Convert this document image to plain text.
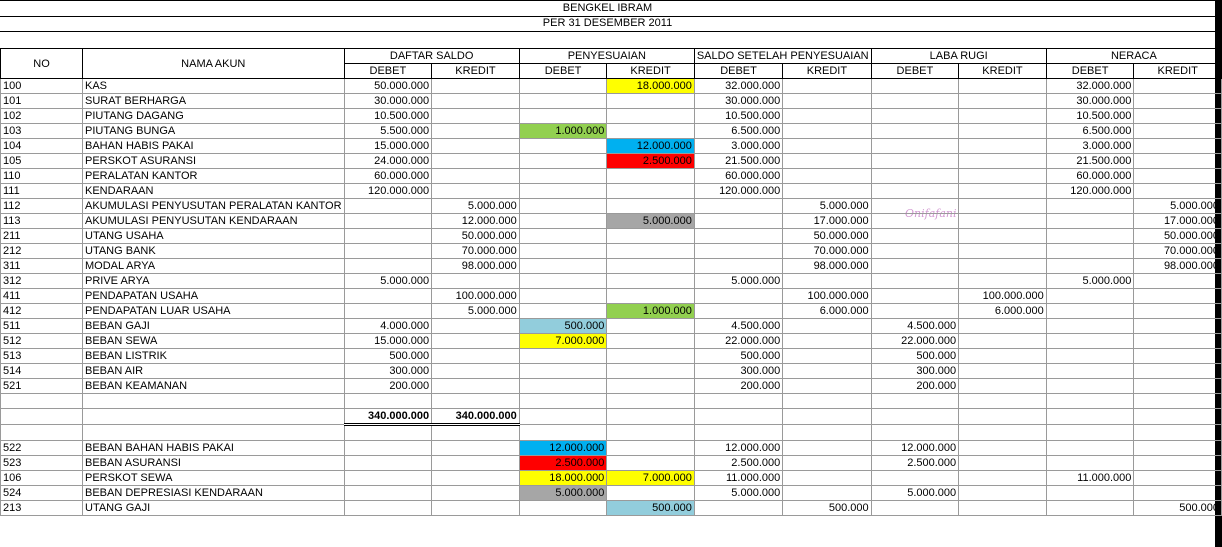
BENGKEL IBRAM
PER 31 DESEMBER 2011
Onifafani
NO	NAMA AKUN	DAFTAR SALDO		PENYESUAIAN		SALDO SETELAH PENYESUAIAN		LABA RUGI		NERACA	
		DEBET	KREDIT	DEBET	KREDIT	DEBET	KREDIT	DEBET	KREDIT	DEBET	KREDIT
100	KAS	50.000.000			18.000.000	32.000.000				32.000.000	
101	SURAT BERHARGA	30.000.000				30.000.000				30.000.000	
102	PIUTANG DAGANG	10.500.000				10.500.000				10.500.000	
103	PIUTANG BUNGA	5.500.000		1.000.000		6.500.000				6.500.000	
104	BAHAN HABIS PAKAI	15.000.000			12.000.000	3.000.000				3.000.000	
105	PERSKOT ASURANSI	24.000.000			2.500.000	21.500.000				21.500.000	
110	PERALATAN KANTOR	60.000.000				60.000.000				60.000.000	
111	KENDARAAN	120.000.000				120.000.000				120.000.000	
112	AKUMULASI PENYUSUTAN PERALATAN KANTOR		5.000.000				5.000.000				5.000.000
113	AKUMULASI PENYUSUTAN KENDARAAN		12.000.000		5.000.000		17.000.000				17.000.000
211	UTANG USAHA		50.000.000				50.000.000				50.000.000
212	UTANG BANK		70.000.000				70.000.000				70.000.000
311	MODAL ARYA		98.000.000				98.000.000				98.000.000
312	PRIVE ARYA	5.000.000				5.000.000				5.000.000	
411	PENDAPATAN USAHA		100.000.000				100.000.000		100.000.000		
412	PENDAPATAN LUAR USAHA		5.000.000		1.000.000		6.000.000		6.000.000		
511	BEBAN GAJI	4.000.000		500.000		4.500.000		4.500.000			
512	BEBAN SEWA	15.000.000		7.000.000		22.000.000		22.000.000			
513	BEBAN LISTRIK	500.000				500.000		500.000			
514	BEBAN AIR	300.000				300.000		300.000			
521	BEBAN KEAMANAN	200.000				200.000		200.000			

		340.000.000	340.000.000								

522	BEBAN BAHAN HABIS PAKAI			12.000.000		12.000.000		12.000.000			
523	BEBAN ASURANSI			2.500.000		2.500.000		2.500.000			
106	PERSKOT SEWA			18.000.000	7.000.000	11.000.000				11.000.000	
524	BEBAN DEPRESIASI KENDARAAN			5.000.000		5.000.000		5.000.000			
213	UTANG GAJI				500.000		500.000				500.000
